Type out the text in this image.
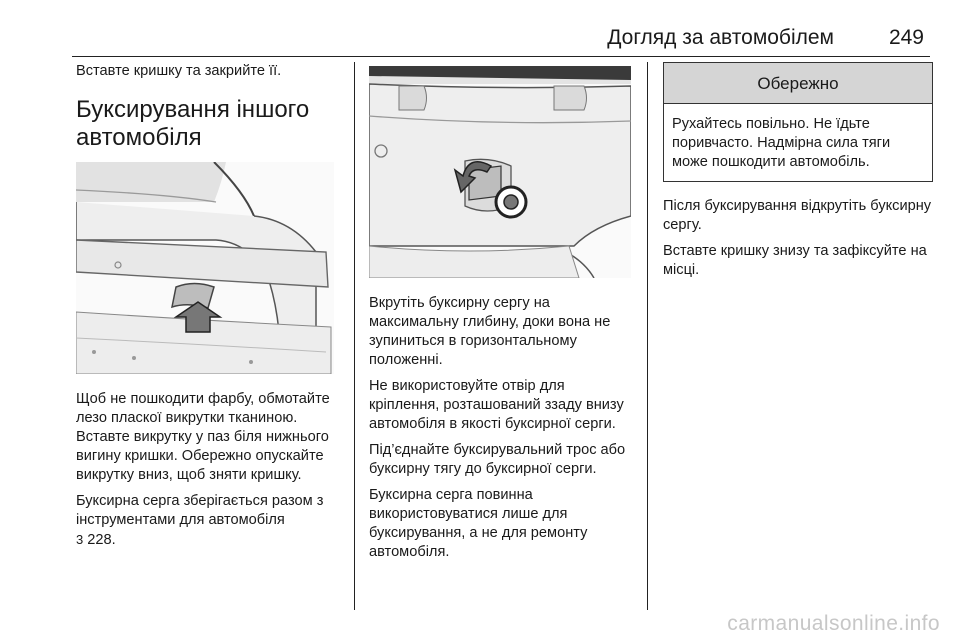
Догляд за автомобілем	249

Вставте кришку та закрийте її.

Буксирування іншого автомобіля

Щоб не пошкодити фарбу, обмотайте лезо пласкої викрутки тканиною. Вставте викрутку у паз біля нижнього вигину кришки. Обережно опускайте викрутку вниз, щоб зняти кришку.

Буксирна серга зберігається разом з інструментами для автомобіля
3 228.

Вкрутіть буксирну сергу на максимальну глибину, доки вона не зупиниться в горизонтальному положенні.

Не використовуйте отвір для кріплення, розташований ззаду внизу автомобіля в якості буксирної серги.

Під’єднайте буксирувальний трос або буксирну тягу до буксирної серги.

Буксирна серга повинна використовуватися лише для буксирування, а не для ремонту автомобіля.

Обережно
Рухайтесь повільно. Не їдьте поривчасто. Надмірна сила тяги може пошкодити автомобіль.

Після буксирування відкрутіть буксирну сергу.

Вставте кришку знизу та зафіксуйте на місці.

carmanualsonline.info
